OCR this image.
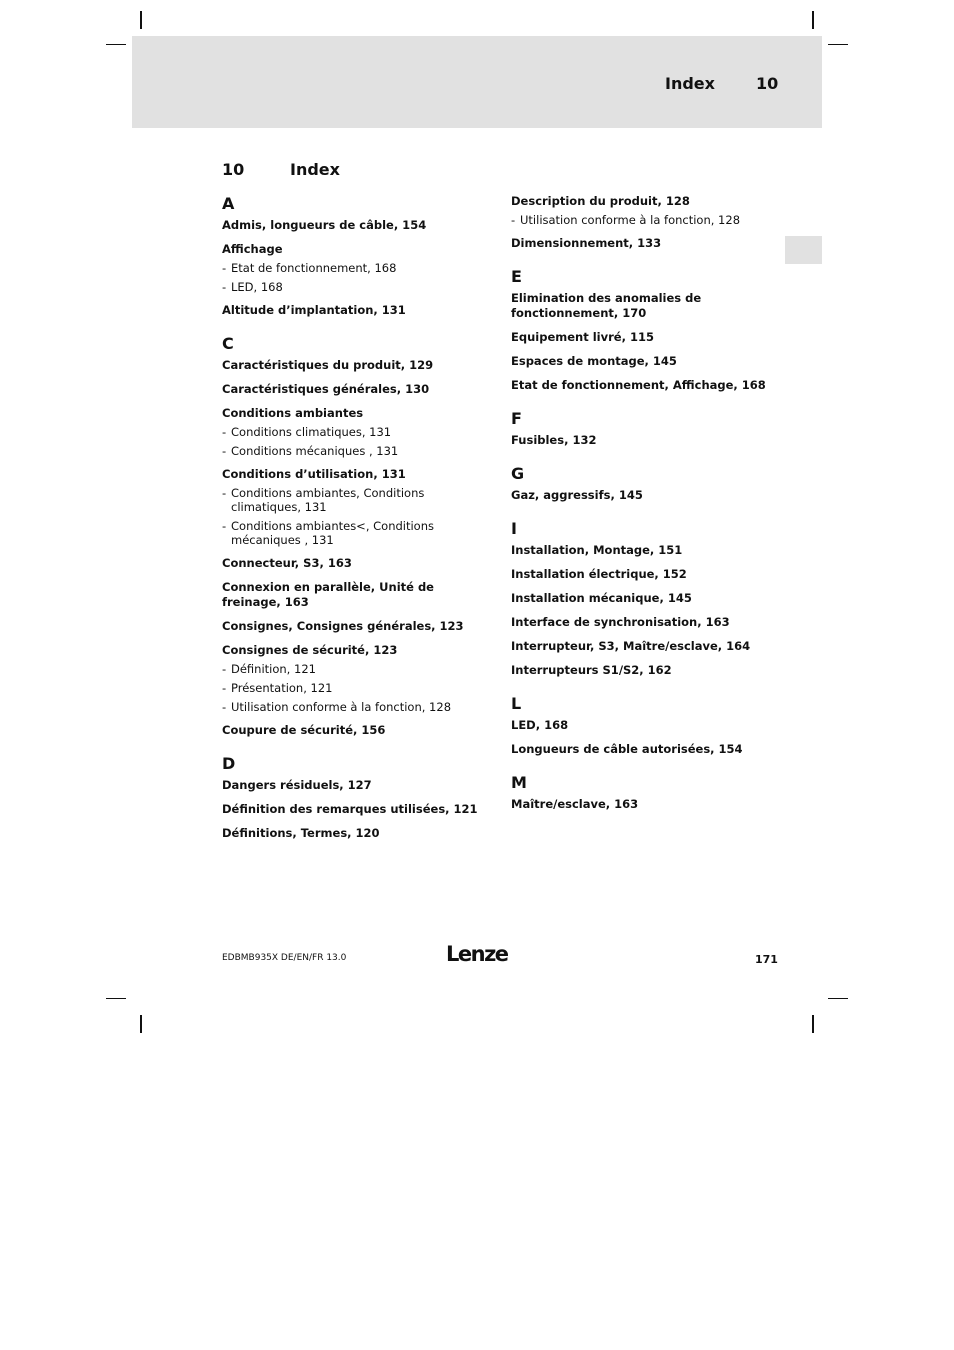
Index	10
10	Index
A
Admis, longueurs de câble, 154
Affichage
- Etat de fonctionnement, 168
- LED, 168
Altitude d’implantation, 131
C
Caractéristiques du produit, 129
Caractéristiques générales, 130
Conditions ambiantes
- Conditions climatiques, 131
- Conditions mécaniques , 131
Conditions d’utilisation, 131
- Conditions ambiantes, Conditions climatiques, 131
- Conditions ambiantes<, Conditions mécaniques , 131
Connecteur, S3, 163
Connexion en parallèle, Unité de freinage, 163
Consignes, Consignes générales, 123
Consignes de sécurité, 123
- Définition, 121
- Présentation, 121
- Utilisation conforme à la fonction, 128
Coupure de sécurité, 156
D
Dangers résiduels, 127
Définition des remarques utilisées, 121
Définitions, Termes, 120
Description du produit, 128
- Utilisation conforme à la fonction, 128
Dimensionnement, 133
E
Elimination des anomalies de fonctionnement, 170
Equipement livré, 115
Espaces de montage, 145
Etat de fonctionnement, Affichage, 168
F
Fusibles, 132
G
Gaz, aggressifs, 145
I
Installation, Montage, 151
Installation électrique, 152
Installation mécanique, 145
Interface de synchronisation, 163
Interrupteur, S3, Maître/esclave, 164
Interrupteurs S1/S2, 162
L
LED, 168
Longueurs de câble autorisées, 154
M
Maître/esclave, 163
EDBMB935X DE/EN/FR 13.0	Lenze	171
